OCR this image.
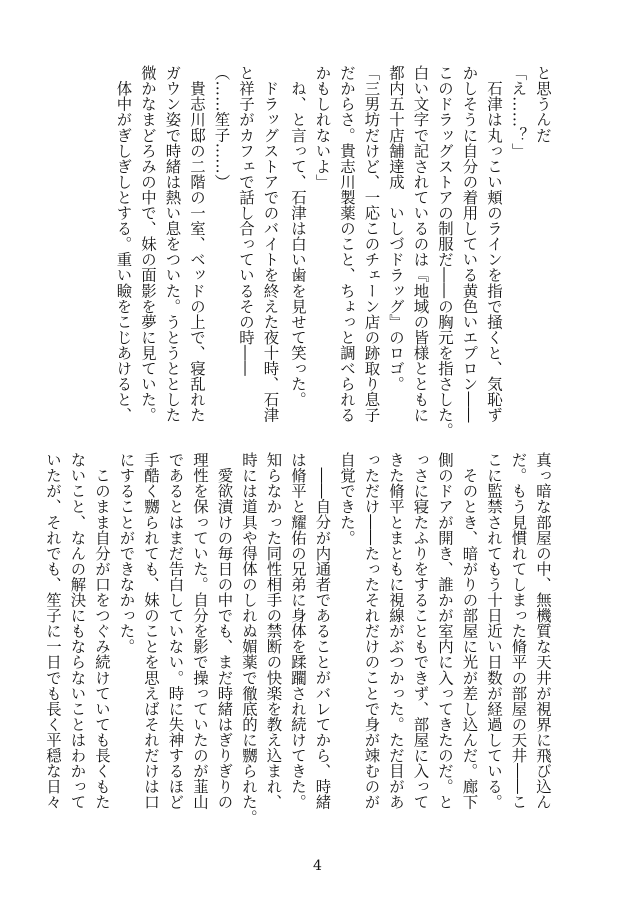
と思うんだ

「え……？」

　石津は丸っこい頬のラインを指で掻くと、気恥ず

かしそうに自分の着用している黄色いエプロン――

このドラッグストアの制服だ――の胸元を指さした。

白い文字で記されているのは『地域の皆様とともに

都内五十店舗達成　いしづドラッグ』のロゴ。

「三男坊だけど、一応このチェーン店の跡取り息子

だからさ。貴志川製薬のこと、ちょっと調べられる

かもしれないよ」

　ね、と言って、石津は白い歯を見せて笑った。

　ドラッグストアでのバイトを終えた夜十時、石津

と祥子がカフェで話し合っているその時――

（……笙子……）

　貴志川邸の二階の一室、ベッドの上で、寝乱れた

ガウン姿で時緒は熱い息をついた。うとうととした

微かなまどろみの中で、妹の面影を夢に見ていた。

　体中がぎしぎしとする。重い瞼をこじあけると、

真っ暗な部屋の中、無機質な天井が視界に飛び込ん

だ。もう見慣れてしまった脩平の部屋の天井――こ

こに監禁されてもう十日近い日数が経過している。

　そのとき、暗がりの部屋に光が差し込んだ。廊下

側のドアが開き、誰かが室内に入ってきたのだ。と

っさに寝たふりをすることもできず、部屋に入って

きた脩平とまともに視線がぶつかった。ただ目があ

っただけ――たったそれだけのことで身が竦むのが

自覚できた。

　――自分が内通者であることがバレてから、時緒

は脩平と耀佑の兄弟に身体を蹂躙され続けてきた。

知らなかった同性相手の禁断の快楽を教え込まれ、

時には道具や得体のしれぬ媚薬で徹底的に嬲られた。

　愛欲漬けの毎日の中でも、まだ時緒はぎりぎりの

理性を保っていた。自分を影で操っていたのが韮山

であるとはまだ告白していない。時に失神するほど

手酷く嬲られても、妹のことを思えばそれだけは口

にすることができなかった。

　このまま自分が口をつぐみ続けていても長くもた

ないこと、なんの解決にもならないことはわかって

いたが、それでも、笙子に一日でも長く平穏な日々

4
